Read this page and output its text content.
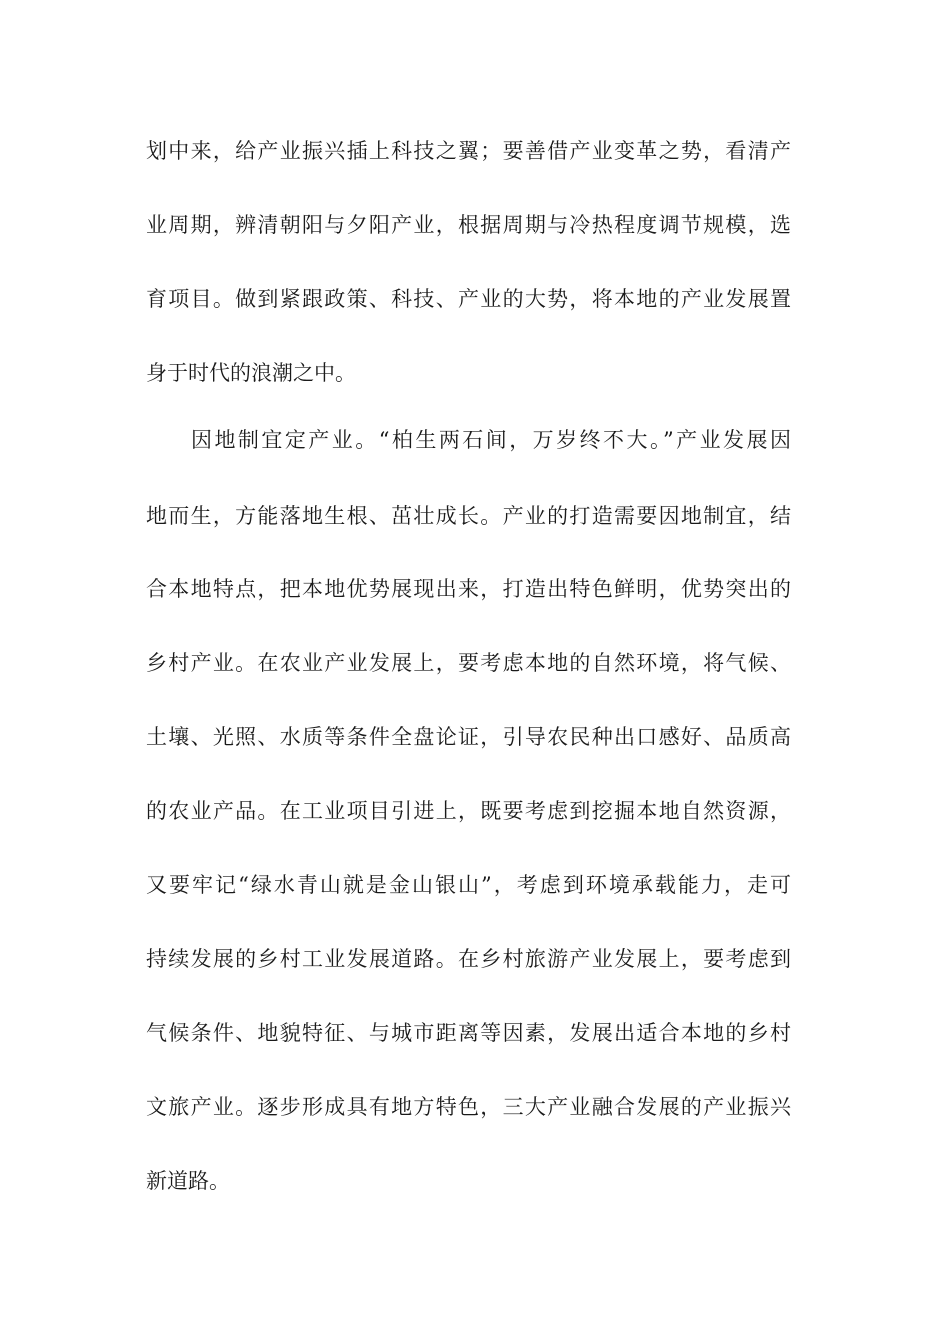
划中来，给产业振兴插上科技之翼；要善借产业变革之势，看清产
业周期，辨清朝阳与夕阳产业，根据周期与冷热程度调节规模，选
育项目。做到紧跟政策、科技、产业的大势，将本地的产业发展置
身于时代的浪潮之中。
因地制宜定产业。“柏生两石间，万岁终不大。”产业发展因
地而生，方能落地生根、茁壮成长。产业的打造需要因地制宜，结
合本地特点，把本地优势展现出来，打造出特色鲜明，优势突出的
乡村产业。在农业产业发展上，要考虑本地的自然环境，将气候、
土壤、光照、水质等条件全盘论证，引导农民种出口感好、品质高
的农业产品。在工业项目引进上，既要考虑到挖掘本地自然资源，
又要牢记“绿水青山就是金山银山”，考虑到环境承载能力，走可
持续发展的乡村工业发展道路。在乡村旅游产业发展上，要考虑到
气候条件、地貌特征、与城市距离等因素，发展出适合本地的乡村
文旅产业。逐步形成具有地方特色，三大产业融合发展的产业振兴
新道路。
